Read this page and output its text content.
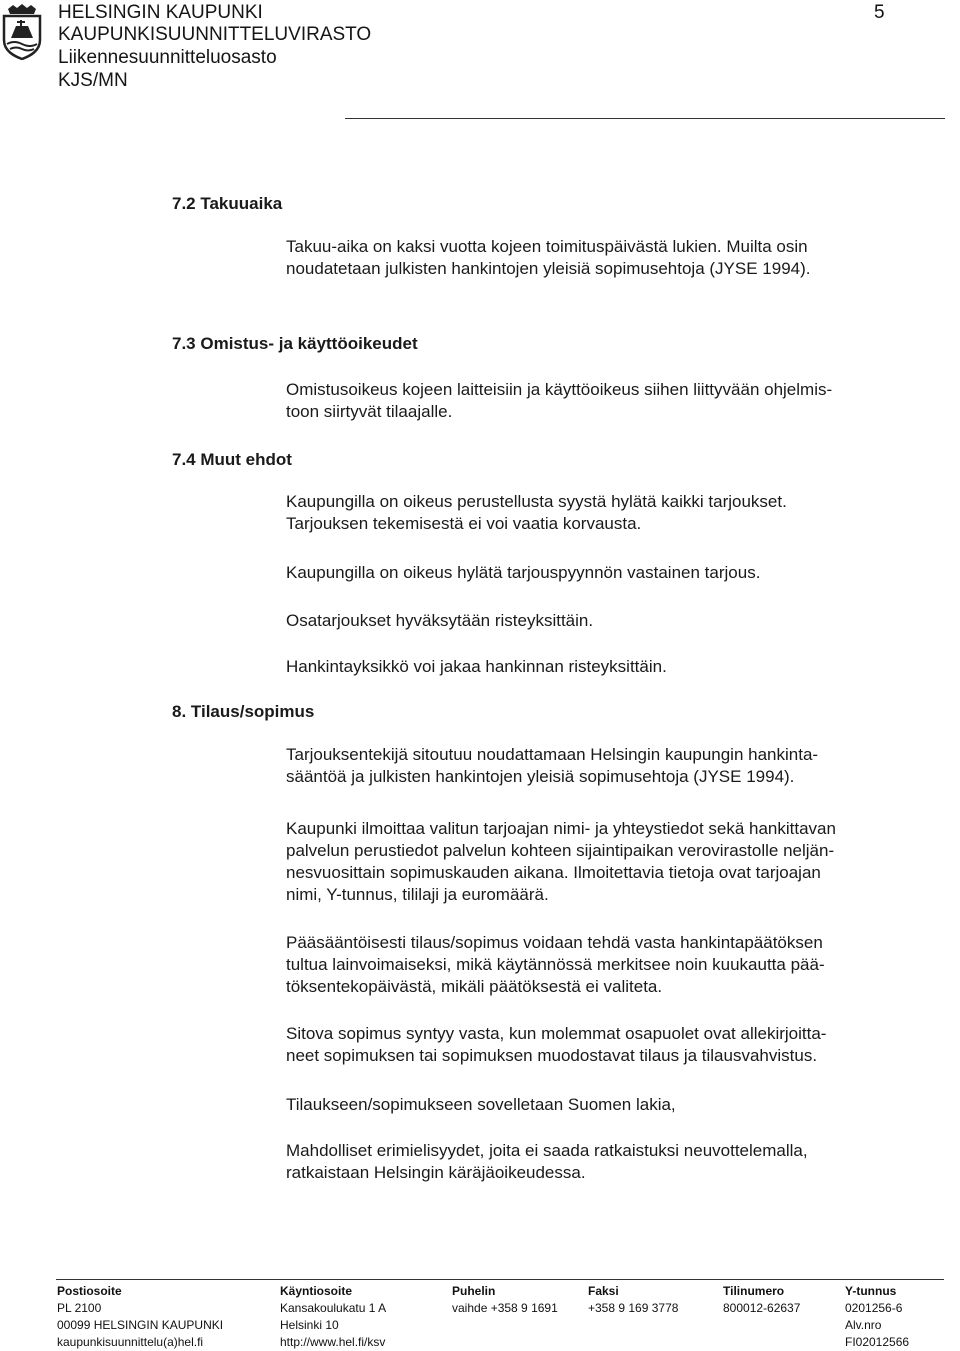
HELSINGIN KAUPUNKI
KAUPUNKISUUNNITTELUVIRASTO
Liikennesuunnitteluosasto
KJS/MN
5
7.2 Takuuaika
Takuu-aika on kaksi vuotta kojeen toimituspäivästä lukien. Muilta osin
noudatetaan julkisten hankintojen yleisiä sopimusehtoja (JYSE 1994).
7.3 Omistus- ja käyttöoikeudet
Omistusoikeus kojeen laitteisiin ja käyttöoikeus siihen liittyvään ohjelmis-
toon siirtyvät tilaajalle.
7.4 Muut ehdot
Kaupungilla on oikeus perustellusta syystä hylätä kaikki tarjoukset.
Tarjouksen tekemisestä ei voi vaatia korvausta.
Kaupungilla on oikeus hylätä tarjouspyynnön vastainen tarjous.
Osatarjoukset hyväksytään risteyksittäin.
Hankintayksikkö voi jakaa hankinnan risteyksittäin.
8. Tilaus/sopimus
Tarjouksentekijä sitoutuu noudattamaan Helsingin kaupungin hankinta-
sääntöä ja julkisten hankintojen yleisiä sopimusehtoja (JYSE 1994).
Kaupunki ilmoittaa valitun tarjoajan nimi- ja yhteystiedot sekä hankittavan
palvelun perustiedot palvelun kohteen sijaintipaikan verovirastolle neljän-
nesvuosittain sopimuskauden aikana. Ilmoitettavia tietoja ovat tarjoajan
nimi, Y-tunnus, tililaji ja euromäärä.
Pääsääntöisesti tilaus/sopimus voidaan tehdä vasta hankintapäätöksen
tultua lainvoimaiseksi, mikä käytännössä merkitsee noin kuukautta pää-
töksentekopäivästä, mikäli päätöksestä ei valiteta.
Sitova sopimus syntyy vasta, kun molemmat osapuolet ovat allekirjoitta-
neet sopimuksen tai sopimuksen muodostavat tilaus ja tilausvahvistus.
Tilaukseen/sopimukseen sovelletaan Suomen lakia,
Mahdolliset erimielisyydet, joita ei saada ratkaistuksi neuvottelemalla,
ratkaistaan Helsingin käräjäoikeudessa.
Postiosoite
PL 2100
00099 HELSINGIN KAUPUNKI
kaupunkisuunnittelu(a)hel.fi
Käyntiosoite
Kansakoulukatu 1 A
Helsinki 10
http://www.hel.fi/ksv
Puhelin
vaihde +358 9 1691
Faksi
+358 9 169 3778
Tilinumero
800012-62637
Y-tunnus
0201256-6
Alv.nro
FI02012566
